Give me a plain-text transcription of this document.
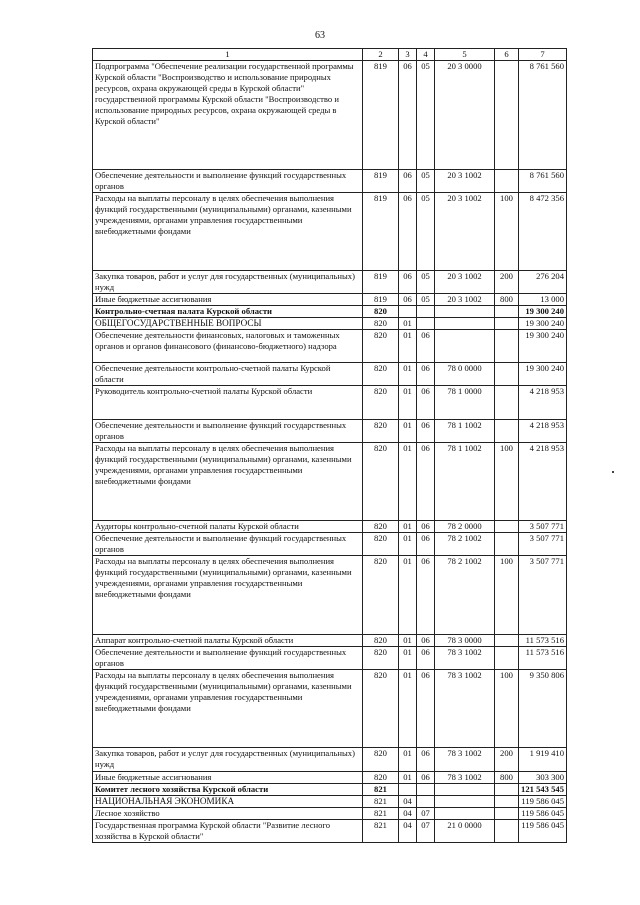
63
1	2	3	4	5	6	7
Подпрограмма "Обеспечение реализации государственной программы Курской области "Воспроизводство и использование природных ресурсов, охрана окружающей среды в Курской области" государственной программы Курской области "Воспроизводство и использование природных ресурсов, охрана окружающей среды в Курской области"	819	06	05	20 3 0000		8 761 560
Обеспечение деятельности и выполнение функций государственных органов	819	06	05	20 3 1002		8 761 560
Расходы на выплаты персоналу в целях обеспечения выполнения функций государственными (муниципальными) органами, казенными учреждениями, органами управления государственными внебюджетными фондами	819	06	05	20 3 1002	100	8 472 356
Закупка товаров, работ и услуг для государственных (муниципальных) нужд	819	06	05	20 3 1002	200	276 204
Иные бюджетные ассигнования	819	06	05	20 3 1002	800	13 000
Контрольно-счетная палата Курской области	820					19 300 240
ОБЩЕГОСУДАРСТВЕННЫЕ ВОПРОСЫ	820	01				19 300 240
Обеспечение деятельности финансовых, налоговых и таможенных органов и органов финансового (финансово-бюджетного) надзора	820	01	06			19 300 240
Обеспечение деятельности контрольно-счетной палаты Курской области	820	01	06	78 0 0000		19 300 240
Руководитель контрольно-счетной палаты Курской области	820	01	06	78 1 0000		4 218 953
Обеспечение деятельности и выполнение функций государственных органов	820	01	06	78 1 1002		4 218 953
Расходы на выплаты персоналу в целях обеспечения выполнения функций государственными (муниципальными) органами, казенными учреждениями, органами управления государственными внебюджетными фондами	820	01	06	78 1 1002	100	4 218 953
Аудиторы контрольно-счетной палаты Курской области	820	01	06	78 2 0000		3 507 771
Обеспечение деятельности и выполнение функций государственных органов	820	01	06	78 2 1002		3 507 771
Расходы на выплаты персоналу в целях обеспечения выполнения функций государственными (муниципальными) органами, казенными учреждениями, органами управления государственными внебюджетными фондами	820	01	06	78 2 1002	100	3 507 771
Аппарат контрольно-счетной палаты Курской области	820	01	06	78 3 0000		11 573 516
Обеспечение деятельности и выполнение функций государственных органов	820	01	06	78 3 1002		11 573 516
Расходы на выплаты персоналу в целях обеспечения выполнения функций государственными (муниципальными) органами, казенными учреждениями, органами управления государственными внебюджетными фондами	820	01	06	78 3 1002	100	9 350 806
Закупка товаров, работ и услуг для государственных (муниципальных) нужд	820	01	06	78 3 1002	200	1 919 410
Иные бюджетные ассигнования	820	01	06	78 3 1002	800	303 300
Комитет лесного хозяйства Курской области	821					121 543 545
НАЦИОНАЛЬНАЯ ЭКОНОМИКА	821	04				119 586 045
Лесное хозяйство	821	04	07			119 586 045
Государственная программа Курской области "Развитие лесного хозяйства в Курской области"	821	04	07	21 0 0000		119 586 045
